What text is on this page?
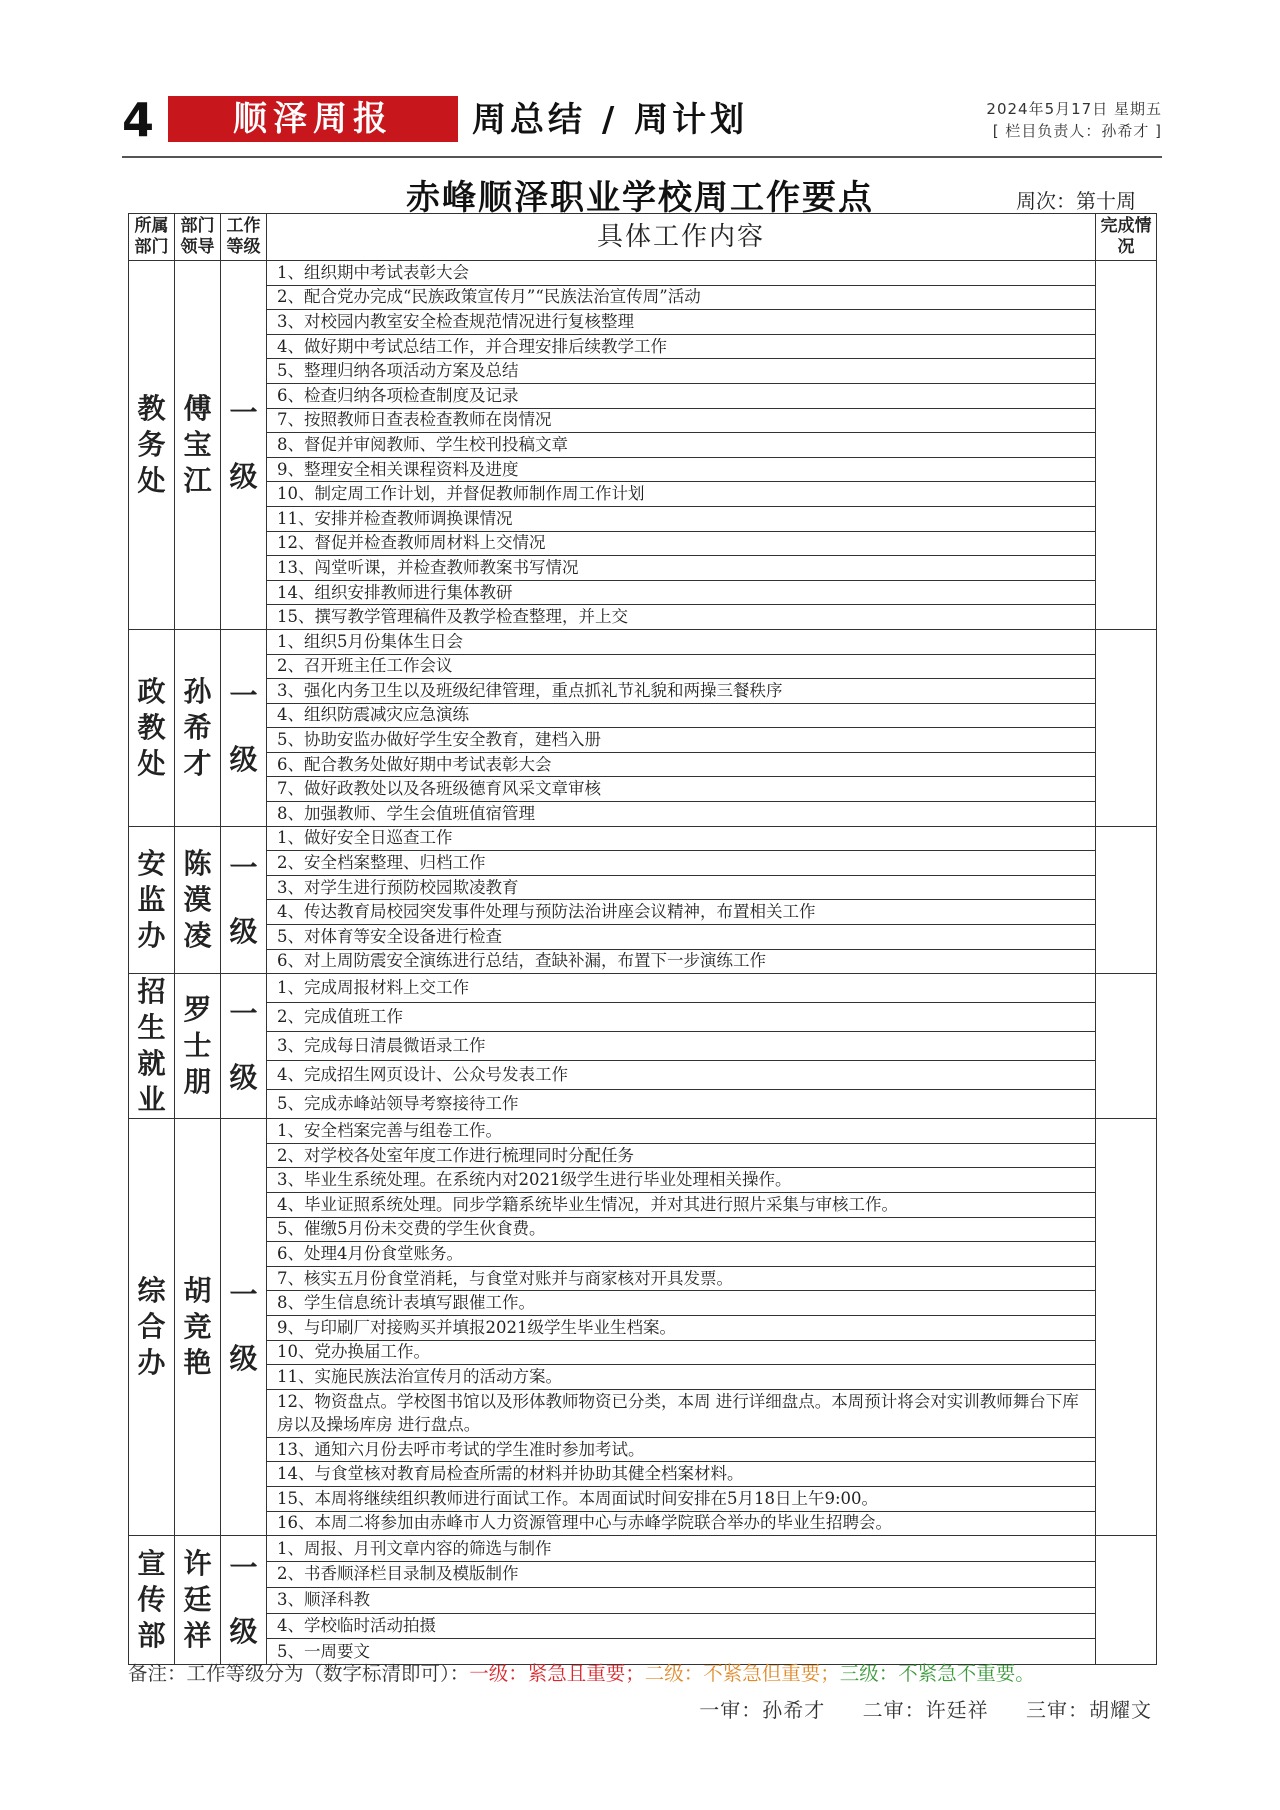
4	顺泽周报	周总结 / 周计划	2024年5月17日 星期五
[ 栏目负责人：孙希才 ]
赤峰顺泽职业学校周工作要点	周次：第十周
所属部门	部门领导	工作等级	具体工作内容	完成情况
教
务
处	傅
宝
江	一
级	1、组织期中考试表彰大会	
			2、配合党办完成“民族政策宣传月”“民族法治宣传周”活动	
			3、对校园内教室安全检查规范情况进行复核整理	
			4、做好期中考试总结工作，并合理安排后续教学工作	
			5、整理归纳各项活动方案及总结	
			6、检查归纳各项检查制度及记录	
			7、按照教师日查表检查教师在岗情况	
			8、督促并审阅教师、学生校刊投稿文章	
			9、整理安全相关课程资料及进度	
			10、制定周工作计划，并督促教师制作周工作计划	
			11、安排并检查教师调换课情况	
			12、督促并检查教师周材料上交情况	
			13、闯堂听课，并检查教师教案书写情况	
			14、组织安排教师进行集体教研	
			15、撰写教学管理稿件及教学检查整理，并上交	
政
教
处	孙
希
才	一
级	1、组织5月份集体生日会	
			2、召开班主任工作会议	
			3、强化内务卫生以及班级纪律管理，重点抓礼节礼貌和两操三餐秩序	
			4、组织防震减灾应急演练	
			5、协助安监办做好学生安全教育，建档入册	
			6、配合教务处做好期中考试表彰大会	
			7、做好政教处以及各班级德育风采文章审核	
			8、加强教师、学生会值班值宿管理	
安
监
办	陈
漠
凌	一
级	1、做好安全日巡查工作	
			2、安全档案整理、归档工作	
			3、对学生进行预防校园欺凌教育	
			4、传达教育局校园突发事件处理与预防法治讲座会议精神，布置相关工作	
			5、对体育等安全设备进行检查	
			6、对上周防震安全演练进行总结，查缺补漏，布置下一步演练工作	
招
生
就
业	罗
士
朋	一
级	1、完成周报材料上交工作	
			2、完成值班工作	
			3、完成每日清晨微语录工作	
			4、完成招生网页设计、公众号发表工作	
			5、完成赤峰站领导考察接待工作	
综
合
办	胡
竞
艳	一
级	1、安全档案完善与组卷工作。	
			2、对学校各处室年度工作进行梳理同时分配任务	
			3、毕业生系统处理。在系统内对2021级学生进行毕业处理相关操作。	
			4、毕业证照系统处理。同步学籍系统毕业生情况，并对其进行照片采集与审核工作。	
			5、催缴5月份未交费的学生伙食费。	
			6、处理4月份食堂账务。	
			7、核实五月份食堂消耗，与食堂对账并与商家核对开具发票。	
			8、学生信息统计表填写跟催工作。	
			9、与印刷厂对接购买并填报2021级学生毕业生档案。	
			10、党办换届工作。	
			11、实施民族法治宣传月的活动方案。	
			12、物资盘点。学校图书馆以及形体教师物资已分类，本周 进行详细盘点。本周预计将会对实训教师舞台下库房以及操场库房 进行盘点。	
			13、通知六月份去呼市考试的学生准时参加考试。	
			14、与食堂核对教育局检查所需的材料并协助其健全档案材料。	
			15、本周将继续组织教师进行面试工作。本周面试时间安排在5月18日上午9:00。	
			16、本周二将参加由赤峰市人力资源管理中心与赤峰学院联合举办的毕业生招聘会。	
宣
传
部	许
廷
祥	一
级	1、周报、月刊文章内容的筛选与制作	
			2、书香顺泽栏目录制及模版制作	
			3、顺泽科教	
			4、学校临时活动拍摄	
			5、一周要文	
备注：工作等级分为（数字标清即可）：一级：紧急且重要；二级：不紧急但重要；三级：不紧急不重要。
一审：孙希才 二审：许廷祥 三审：胡耀文
